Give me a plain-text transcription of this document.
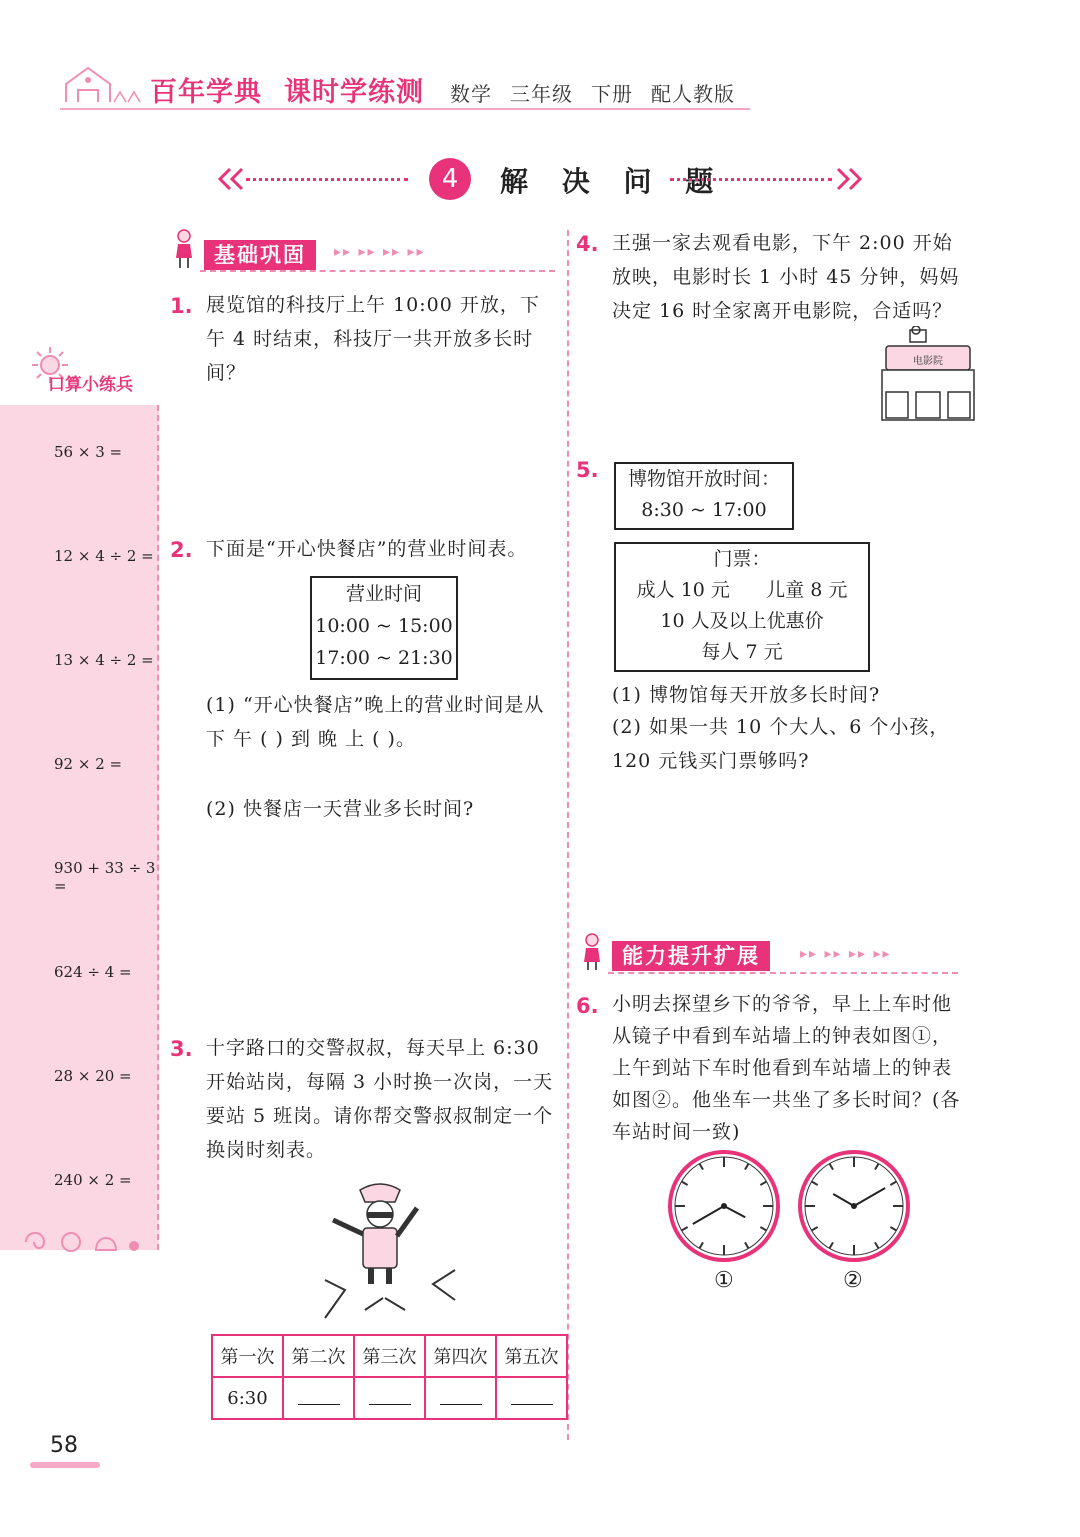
百年学典 课时学练测	数学 三年级 下册 配人教版
4	解 决 问 题
口算小练兵
56 × 3 =
12 × 4 ÷ 2 =
13 × 4 ÷ 2 =
92 × 2 =
930 + 33 ÷ 3 =
624 ÷ 4 =
28 × 20 =
240 × 2 =
基础巩固	▸▸ ▸▸ ▸▸ ▸▸
1. 展览馆的科技厅上午 10:00 开放，下午 4 时结束，科技厅一共开放多长时间？
2. 下面是“开心快餐店”的营业时间表。
营业时间
10:00 ~ 15:00
17:00 ~ 21:30
(1) “开心快餐店”晚上的营业时间是从 下 午 ( ) 到 晚 上 ( )。
(2) 快餐店一天营业多长时间?
3. 十字路口的交警叔叔，每天早上 6:30 开始站岗，每隔 3 小时换一次岗，一天要站 5 班岗。请你帮交警叔叔制定一个换岗时刻表。
第一次	第二次	第三次	第四次	第五次
6:30				
4. 王强一家去观看电影，下午 2:00 开始放映，电影时长 1 小时 45 分钟，妈妈决定 16 时全家离开电影院，合适吗？
电影院
5.	博物馆开放时间：
8:30 ~ 17:00
门票：
成人 10 元 儿童 8 元
10 人及以上优惠价
每人 7 元
(1) 博物馆每天开放多长时间?
(2) 如果一共 10 个大人、6 个小孩，120 元钱买门票够吗?
能力提升扩展	▸▸ ▸▸ ▸▸ ▸▸
6. 小明去探望乡下的爷爷，早上上车时他从镜子中看到车站墙上的钟表如图①，上午到站下车时他看到车站墙上的钟表如图②。他坐车一共坐了多长时间？(各车站时间一致)
①	②
58
